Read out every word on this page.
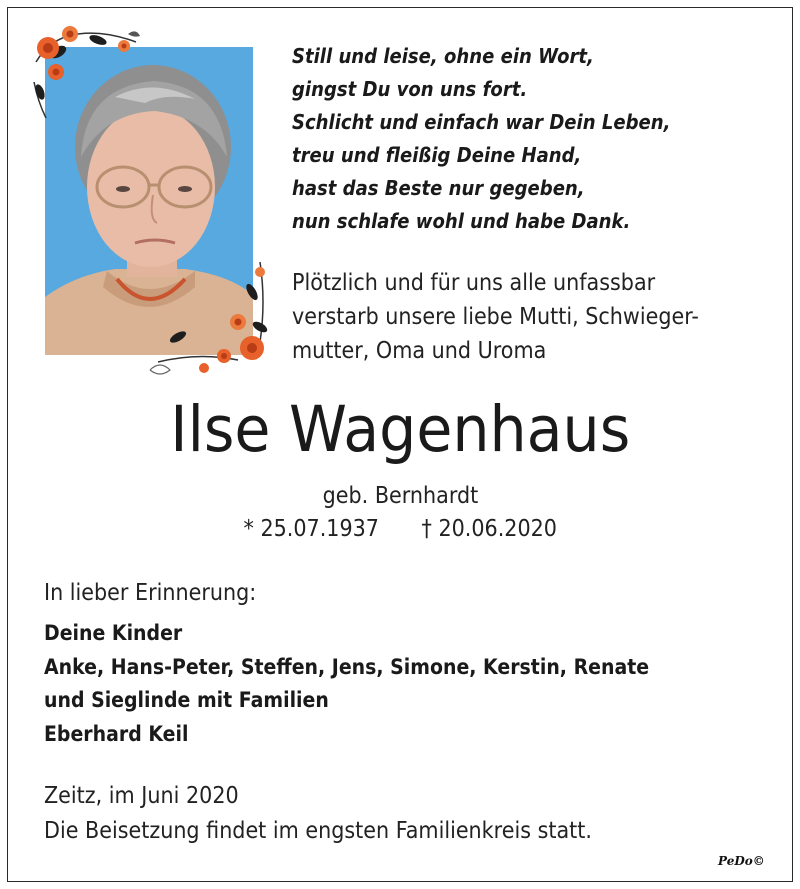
Still und leise, ohne ein Wort,
gingst Du von uns fort.
Schlicht und einfach war Dein Leben,
treu und fleißig Deine Hand,
hast das Beste nur gegeben,
nun schlafe wohl und habe Dank.
Plötzlich und für uns alle unfassbar
verstarb unsere liebe Mutti, Schwieger-
mutter, Oma und Uroma
Ilse Wagenhaus
geb. Bernhardt
* 25.07.1937 † 20.06.2020
In lieber Erinnerung:
Deine Kinder
Anke, Hans-Peter, Steffen, Jens, Simone, Kerstin, Renate
und Sieglinde mit Familien
Eberhard Keil
Zeitz, im Juni 2020
Die Beisetzung findet im engsten Familienkreis statt.
PeDo©
